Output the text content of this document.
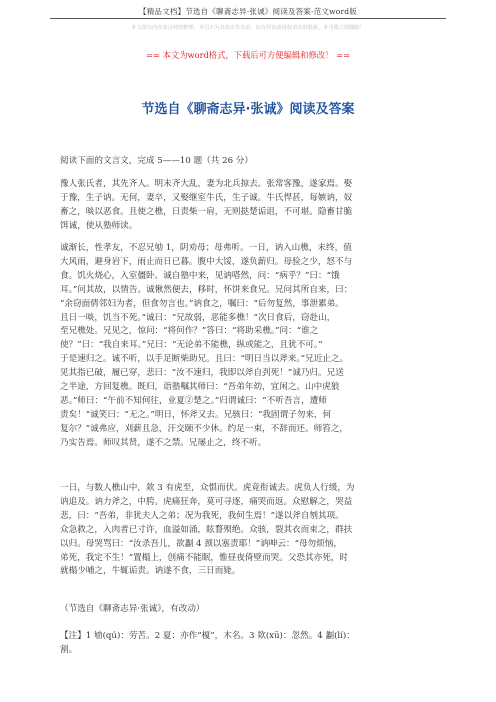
【精品文档】节选自《聊斋志异·张诚》阅读及答案-范文word版
本文部分内容来自网络整理，本司不为其真实性负责，如有异议或侵权请及时联系，本司将立即删除！
== 本文为word格式，下载后可方便编辑和修改！ ==
节选自《聊斋志异·张诚》阅读及答案

阅读下面的文言文，完成 5——10 题（共 26 分）

豫人张氏者，其先齐人。明末齐大乱，妻为北兵掠去。张常客豫，遂家焉。娶
于豫，生子讷。无何，妻卒，又娶继室牛氏，生子诚。牛氏悍甚，每嫉讷，奴
畜之，啖以恶食。且使之樵，日责柴一肩，无则挞楚诟诅，不可堪。隐畜甘脆
饵诚，使从塾师读。

诚渐长，性孝友，不忍兄劬 1，阴劝母；母弗听。一日，讷入山樵，未终，值
大风雨，避身岩下，雨止而日已暮。腹中大馁，遂负薪归。母验之少，怒不与
食。饥火烧心，入室僵卧。诚自塾中来，见讷嗒然，问：“病乎？”曰：“饿
耳。”问其故，以情告。诚愀然便去，移时，怀饼来食兄。兄问其所自来，曰：
“余窃面倩邻妇为者，但食勿言也。”讷食之，嘱曰：“后勿复然，事泄累弟。
且日一啖，饥当不死。”诚曰：“兄故弱，恶能多樵！”次日食后，窃赴山，
至兄樵处。兄见之，惊问：“将何作？”答曰：“将助采樵。”问：“谁之
使？”曰：“我自来耳。”兄曰：“无论弟不能樵，纵或能之，且犹不可。”
于是速归之。诚不听，以手足断柴助兄。且曰：“明日当以斧来。”兄近止之。
见其指已破，履已穿，悲曰：“汝不速归，我即以斧自刭死！”诚乃归。兄送
之半途，方回复樵。既归，诣塾嘱其师曰：“吾弟年幼，宜闲之。山中虎狼
恶。”师曰：“午前不知何往，业夏②楚之。”归谓诚曰：“不听吾言，遭师
责矣！”诚笑曰：“无之。”明日，怀斧又去。兄骇曰：“我固谓子勿来，何
复尔？”诚弗应，刈薪且急，汗交颐不少休。约足一束，不辞而还。师笞之，
乃实告焉。师叹其贤，遂不之禁。兄屡止之，终不听。

一日，与数人樵山中，欻 3 有虎至，众惧而伏。虎竟衔诚去。虎负人行缓，为
讷追及。讷力斧之，中胯。虎痛狂奔，莫可寻逐，痛哭而返。众慰解之，哭益
悲，曰：“吾弟，非犹夫人之弟；况为我死，我何生焉！”遂以斧自刎其项。
众急救之，入肉者已寸许，血溢如涌，眩瞀殒绝。众骇，裂其衣而束之，群扶
以归。母哭骂曰：“汝杀吾儿，欲劙 4 颈以塞责耶！”讷呻云：“母勿烦恼，
弟死，我定不生！”置榻上，创痛不能眠，惟昼夜倚壁而哭。父恐其亦死，时
就榻少哺之，牛辄诟责。讷遂不食，三日而毙。

（节选自《聊斋志异·张诚》，有改动）

【注】1 劬(qú)：劳苦。2 夏：亦作“榎”，木名。3 欻(xū)：忽然。4 劙(lí)：
割。
